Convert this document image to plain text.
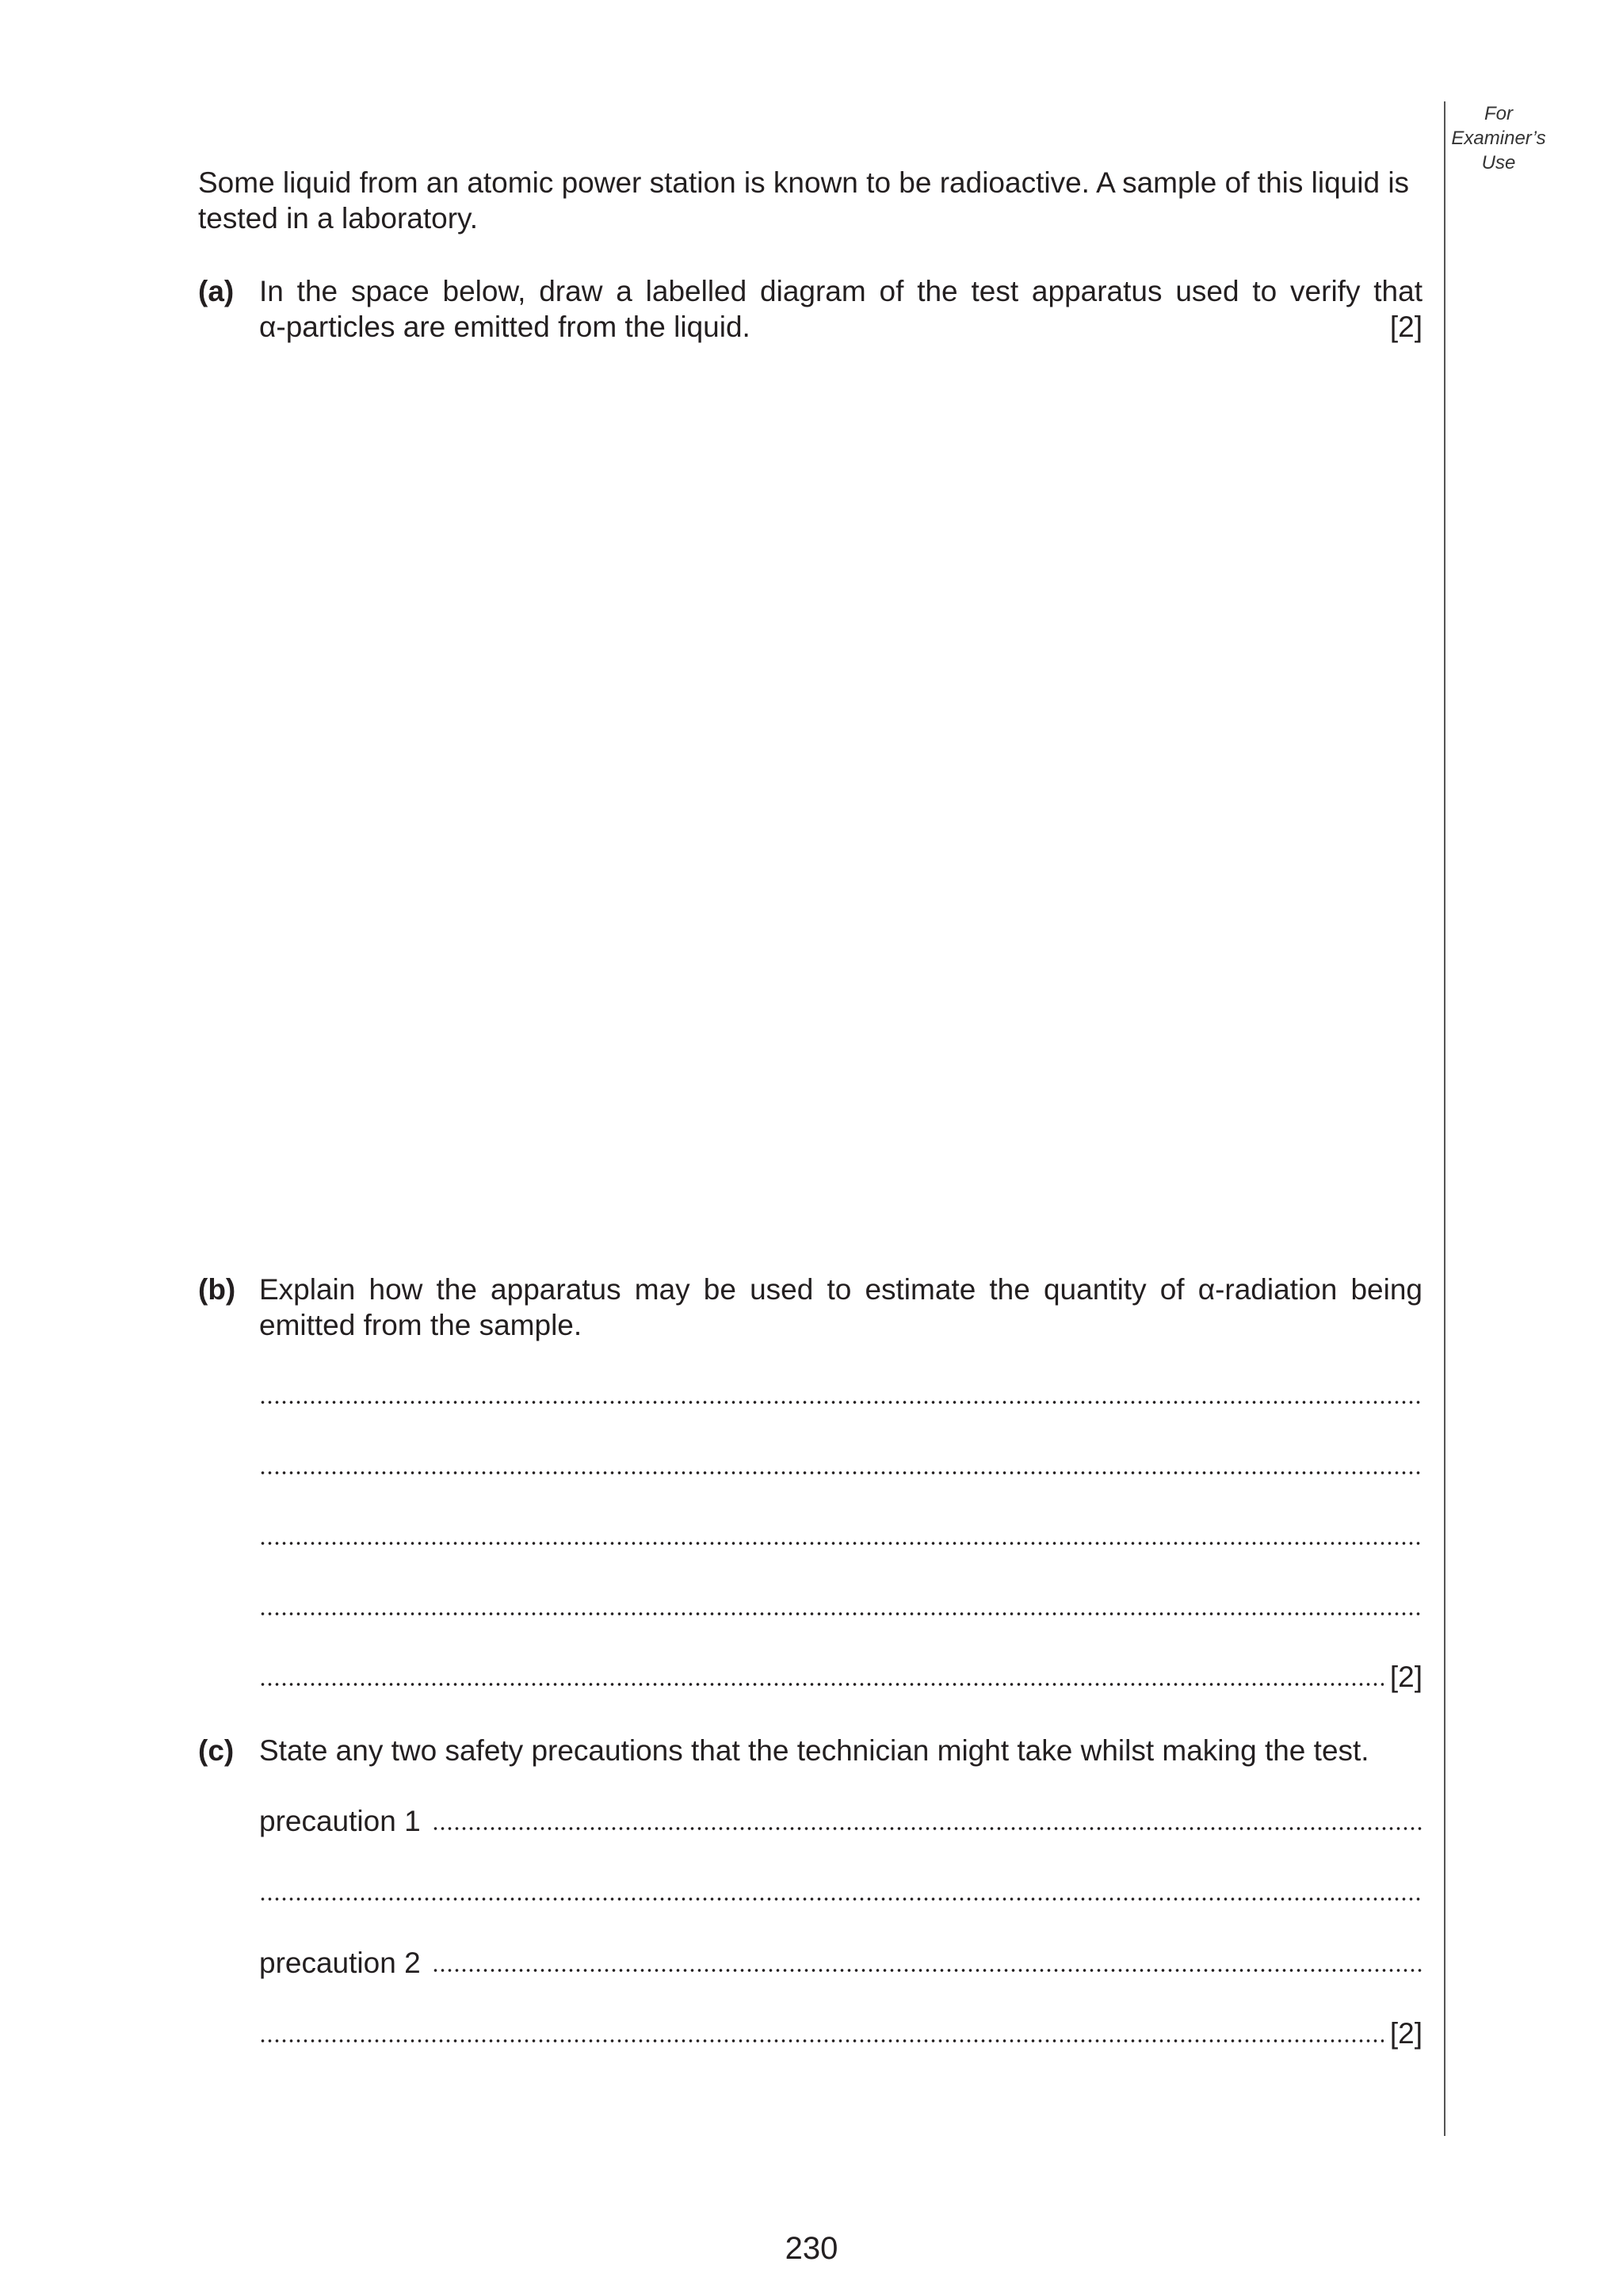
For
Examiner’s
Use
Some liquid from an atomic power station is known to be radioactive. A sample of this liquid is tested in a laboratory.
(a) In the space below, draw a labelled diagram of the test apparatus used to verify that
α-particles are emitted from the liquid.	[2]
(b) Explain how the apparatus may be used to estimate the quantity of α-radiation being emitted from the sample.
[2]
(c) State any two safety precautions that the technician might take whilst making the test.
precaution 1
precaution 2
[2]
230
